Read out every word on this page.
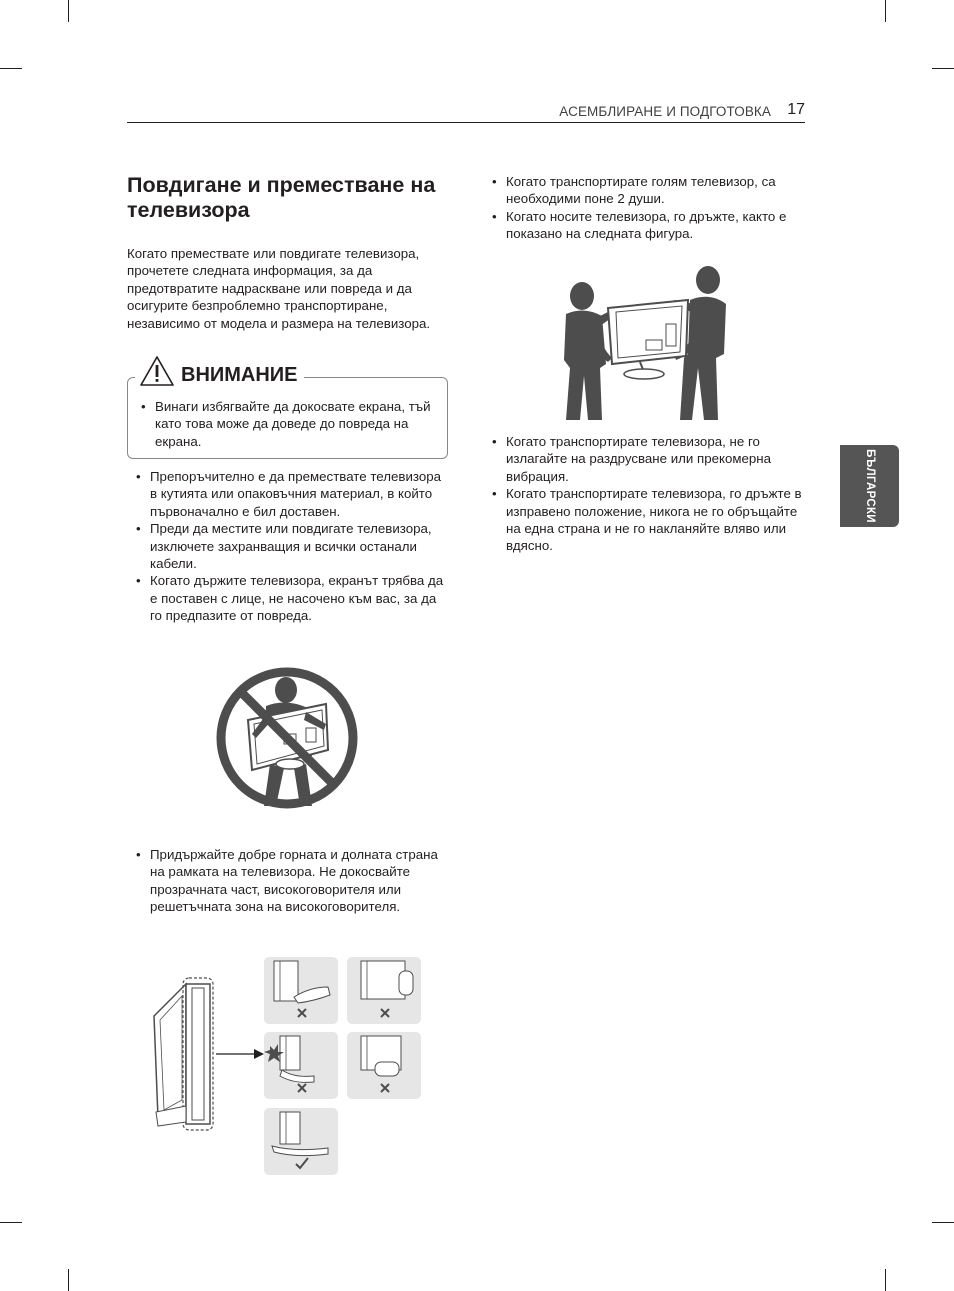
АСЕМБЛИРАНЕ И ПОДГОТОВКА 17
БЪЛГАРСКИ
Повдигане и преместване на телевизора

Когато премествате или повдигате телевизора, прочетете следната информация, за да предотвратите надраскване или повреда и да осигурите безпроблемно транспортиране, независимо от модела и размера на телевизора.

ВНИМАНИЕ
• Винаги избягвайте да докосвате екрана, тъй като това може да доведе до повреда на екрана.
• Препоръчително е да премествате телевизора в кутията или опаковъчния материал, в който първоначално е бил доставен.
• Преди да местите или повдигате телевизора, изключете захранващия и всички останали кабели.
• Когато държите телевизора, екранът трябва да е поставен с лице, не насочено към вас, за да го предпазите от повреда.
• Придържайте добре горната и долната страна на рамката на телевизора. Не докосвайте прозрачната част, високоговорителя или решетъчната зона на високоговорителя.
• Когато транспортирате голям телевизор, са необходими поне 2 души.
• Когато носите телевизора, го дръжте, както е показано на следната фигура.
• Когато транспортирате телевизора, не го излагайте на раздрусване или прекомерна вибрация.
• Когато транспортирате телевизора, го дръжте в изправено положение, никога не го обръщайте на една страна и не го накланяйте вляво или вдясно.
